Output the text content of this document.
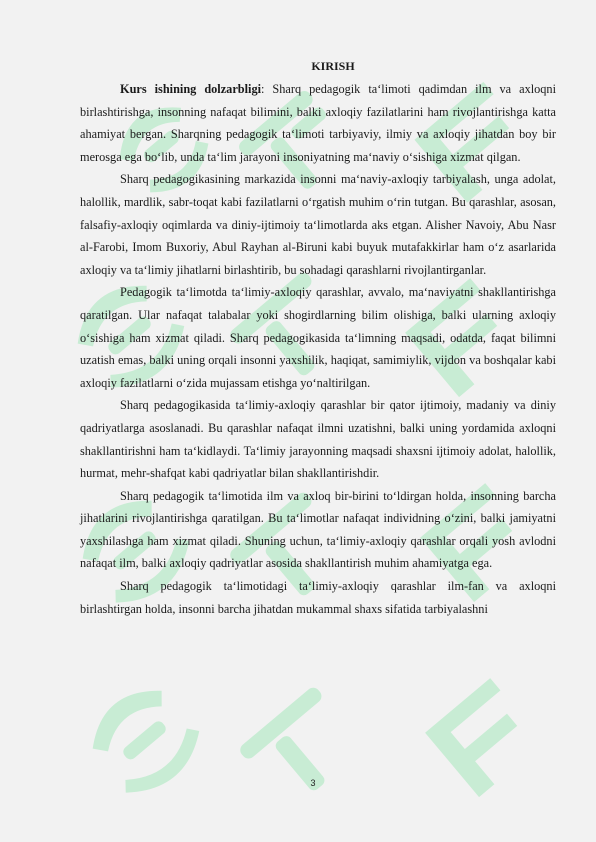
KIRISH

Kurs ishining dolzarbligi: Sharq pedagogik ta‘limoti qadimdan ilm va axloqni birlashtirishga, insonning nafaqat bilimini, balki axloqiy fazilatlarini ham rivojlantirishga katta ahamiyat bergan. Sharqning pedagogik ta‘limoti tarbiyaviy, ilmiy va axloqiy jihatdan boy bir merosga ega bo‘lib, unda ta‘lim jarayoni insoniyatning ma‘naviy o‘sishiga xizmat qilgan.

Sharq pedagogikasining markazida insonni ma‘naviy-axloqiy tarbiyalash, unga adolat, halollik, mardlik, sabr-toqat kabi fazilatlarni o‘rgatish muhim o‘rin tutgan. Bu qarashlar, asosan, falsafiy-axloqiy oqimlarda va diniy-ijtimoiy ta‘limotlarda aks etgan. Alisher Navoiy, Abu Nasr al-Farobi, Imom Buxoriy, Abul Rayhan al-Biruni kabi buyuk mutafakkirlar ham o‘z asarlarida axloqiy va ta‘limiy jihatlarni birlashtirib, bu sohadagi qarashlarni rivojlantirganlar.

Pedagogik ta‘limotda ta‘limiy-axloqiy qarashlar, avvalo, ma‘naviyatni shakllantirishga qaratilgan. Ular nafaqat talabalar yoki shogirdlarning bilim olishiga, balki ularning axloqiy o‘sishiga ham xizmat qiladi. Sharq pedagogikasida ta‘limning maqsadi, odatda, faqat bilimni uzatish emas, balki uning orqali insonni yaxshilik, haqiqat, samimiylik, vijdon va boshqalar kabi axloqiy fazilatlarni o‘zida mujassam etishga yo‘naltirilgan.

Sharq pedagogikasida ta‘limiy-axloqiy qarashlar bir qator ijtimoiy, madaniy va diniy qadriyatlarga asoslanadi. Bu qarashlar nafaqat ilmni uzatishni, balki uning yordamida axloqni shakllantirishni ham ta‘kidlaydi. Ta‘limiy jarayonning maqsadi shaxsni ijtimoiy adolat, halollik, hurmat, mehr-shafqat kabi qadriyatlar bilan shakllantirishdir.

Sharq pedagogik ta‘limotida ilm va axloq bir-birini to‘ldirgan holda, insonning barcha jihatlarini rivojlantirishga qaratilgan. Bu ta‘limotlar nafaqat individning o‘zini, balki jamiyatni yaxshilashga ham xizmat qiladi. Shuning uchun, ta‘limiy-axloqiy qarashlar orqali yosh avlodni nafaqat ilm, balki axloqiy qadriyatlar asosida shakllantirish muhim ahamiyatga ega.

Sharq pedagogik ta‘limotidagi ta‘limiy-axloqiy qarashlar ilm-fan va axloqni birlashtirgan holda, insonni barcha jihatdan mukammal shaxs sifatida tarbiyalashni

3
